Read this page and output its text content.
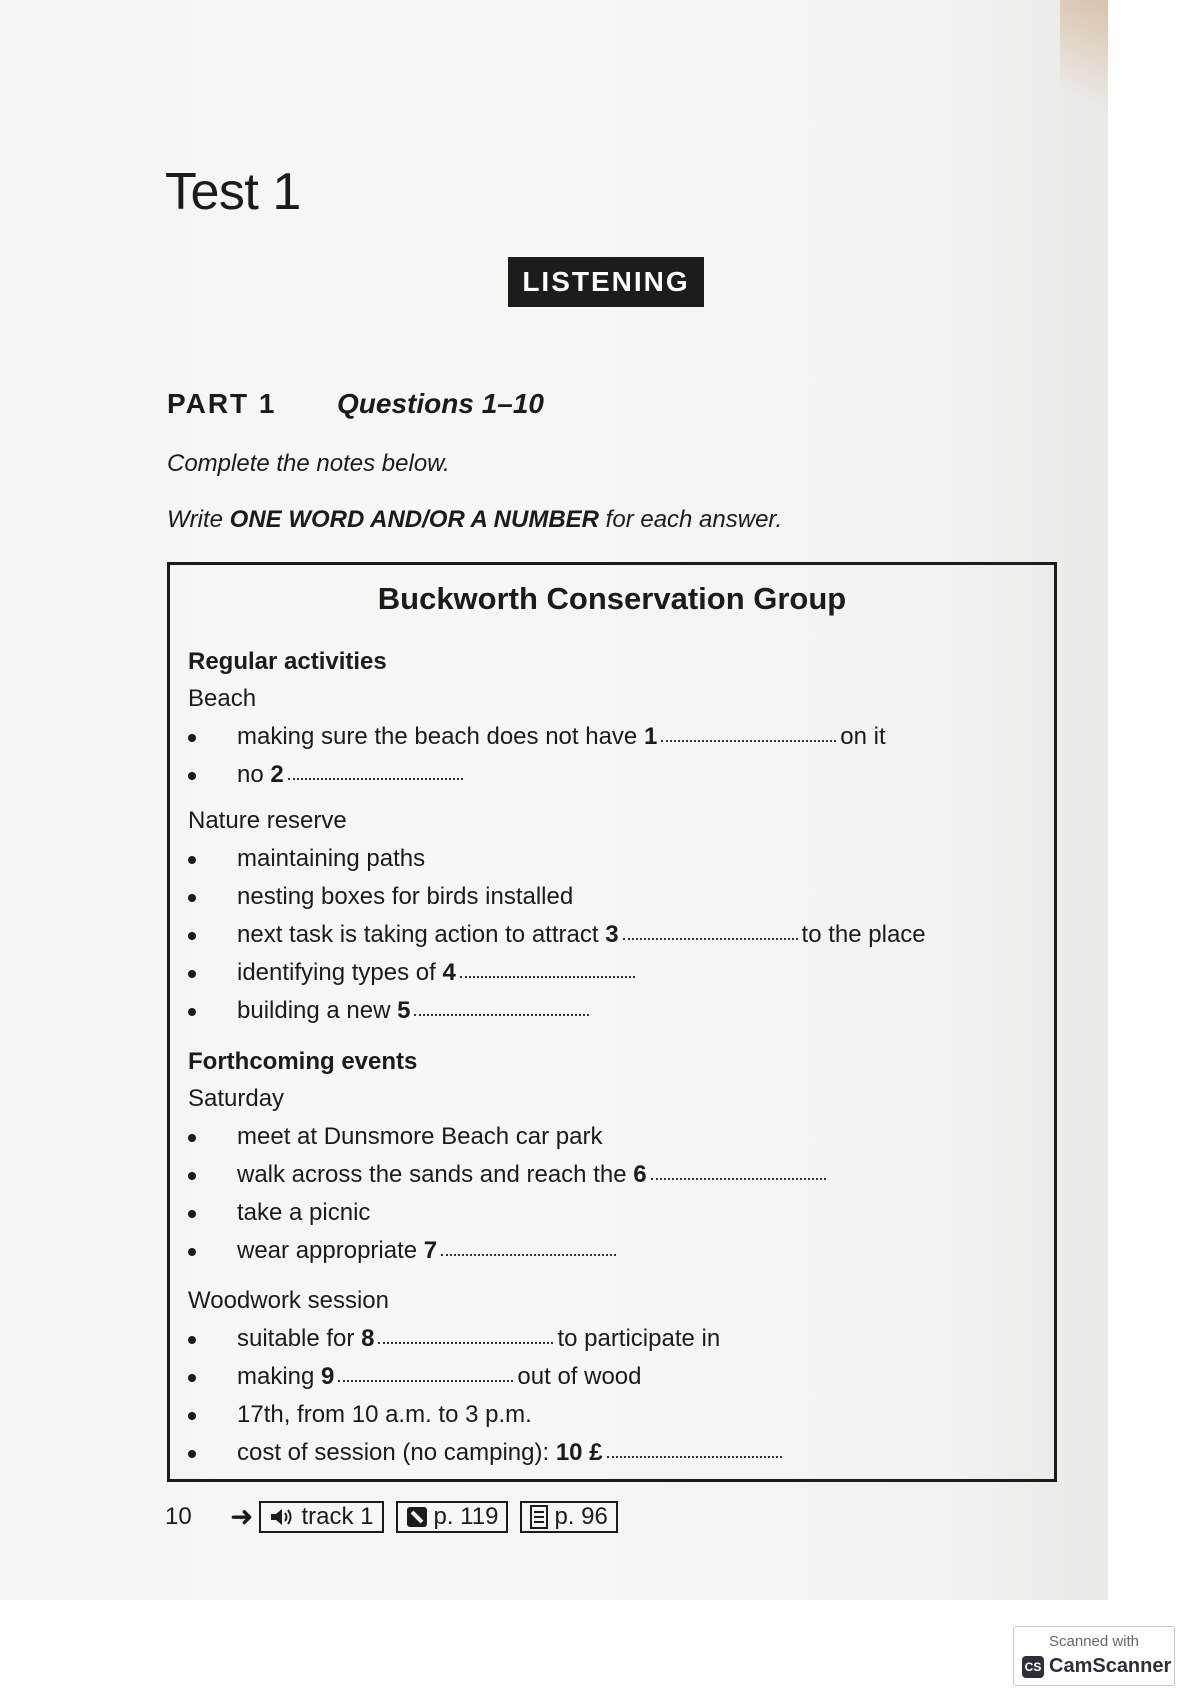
Test 1
LISTENING
PART 1	Questions 1–10
Complete the notes below.
Write ONE WORD AND/OR A NUMBER for each answer.
Buckworth Conservation Group
Regular activities
Beach
making sure the beach does not have 1	on it
no 2
Nature reserve
maintaining paths
nesting boxes for birds installed
next task is taking action to attract 3	to the place
identifying types of 4
building a new 5
Forthcoming events
Saturday
meet at Dunsmore Beach car park
walk across the sands and reach the 6
take a picnic
wear appropriate 7
Woodwork session
suitable for 8	to participate in
making 9	out of wood
17th, from 10 a.m. to 3 p.m.
cost of session (no camping): 10 £
10	➜ track 1	p. 119 p. 96
Scanned with
CS CamScanner
